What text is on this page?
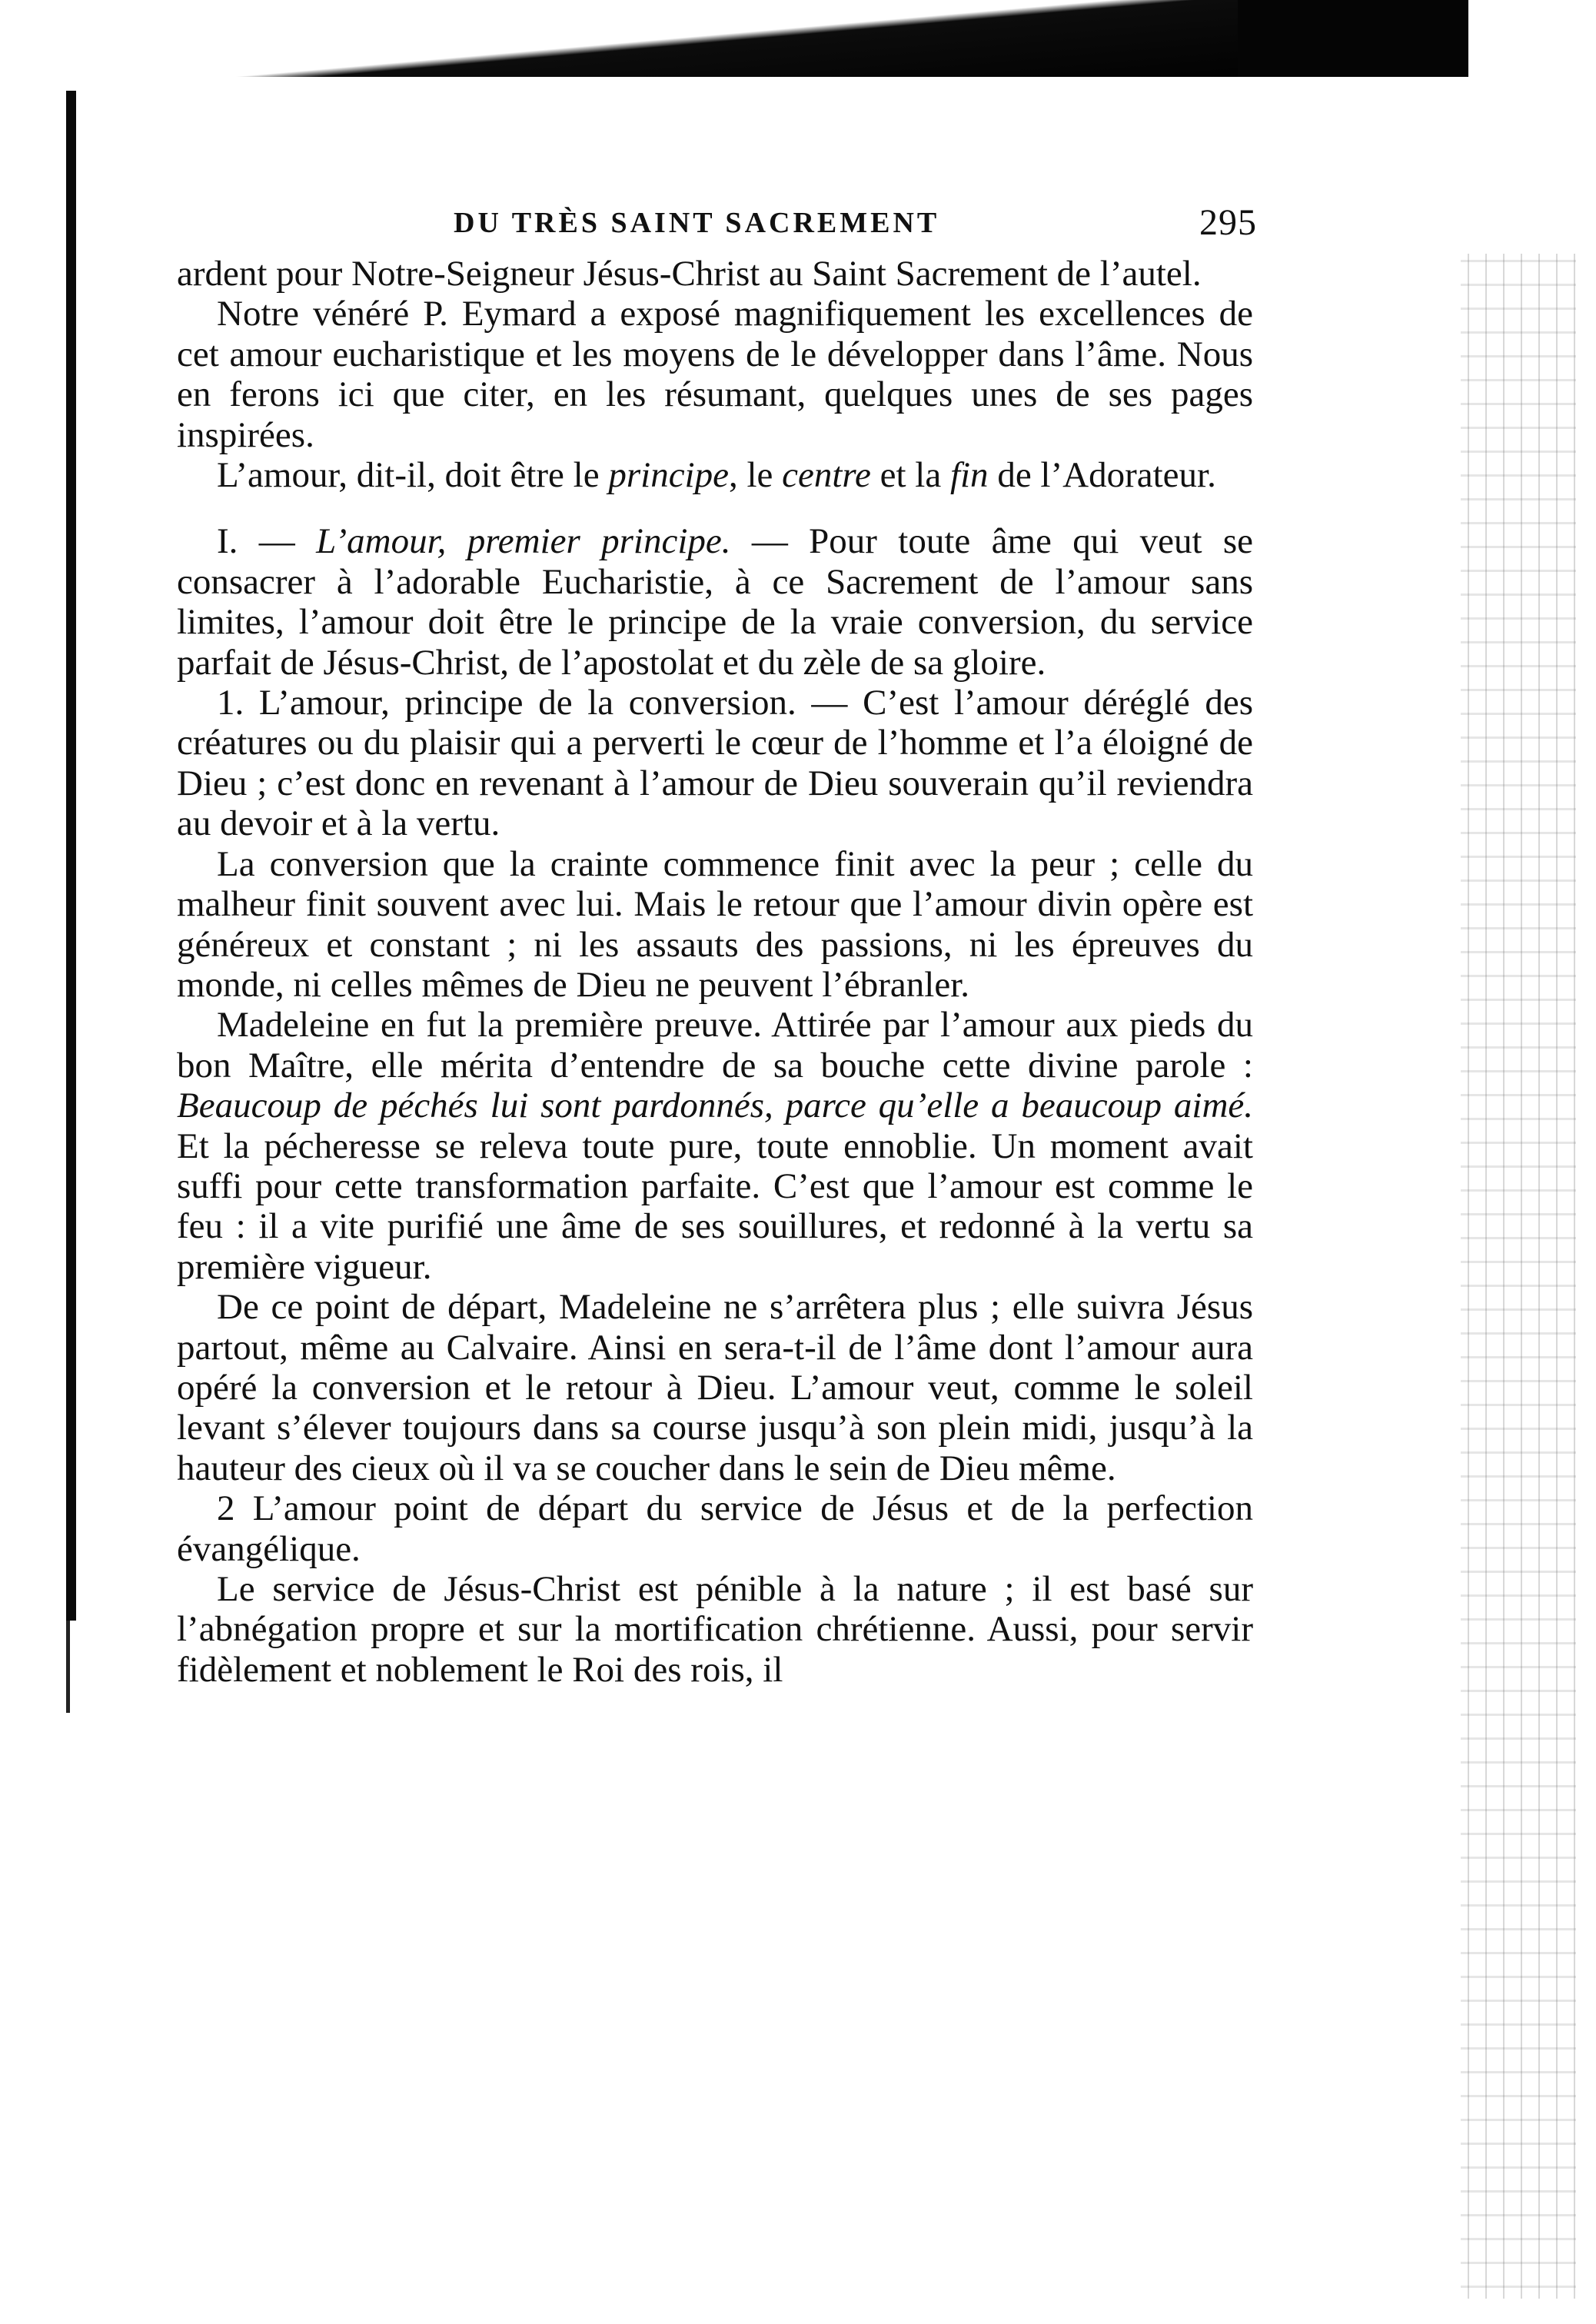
DU TRÈS SAINT SACREMENT	295

ardent pour Notre-Seigneur Jésus-Christ au Saint Sacrement de l’autel.

Notre vénéré P. Eymard a exposé magnifiquement les excellences de cet amour eucharistique et les moyens de le développer dans l’âme. Nous en ferons ici que citer, en les résumant, quelques unes de ses pages inspirées.

L’amour, dit-il, doit être le principe, le centre et la fin de l’Adorateur.

I. — L’amour, premier principe. — Pour toute âme qui veut se consacrer à l’adorable Eucharistie, à ce Sacrement de l’amour sans limites, l’amour doit être le principe de la vraie conversion, du service parfait de Jésus-Christ, de l’apostolat et du zèle de sa gloire.

1. L’amour, principe de la conversion. — C’est l’amour déréglé des créatures ou du plaisir qui a perverti le cœur de l’homme et l’a éloigné de Dieu ; c’est donc en revenant à l’amour de Dieu souverain qu’il reviendra au devoir et à la vertu.

La conversion que la crainte commence finit avec la peur ; celle du malheur finit souvent avec lui. Mais le retour que l’amour divin opère est généreux et constant ; ni les assauts des passions, ni les épreuves du monde, ni celles mêmes de Dieu ne peuvent l’ébranler.

Madeleine en fut la première preuve. Attirée par l’amour aux pieds du bon Maître, elle mérita d’entendre de sa bouche cette divine parole : Beaucoup de péchés lui sont pardonnés, parce qu’elle a beaucoup aimé. Et la pécheresse se releva toute pure, toute ennoblie. Un moment avait suffi pour cette transformation parfaite. C’est que l’amour est comme le feu : il a vite purifié une âme de ses souillures, et redonné à la vertu sa première vigueur.

De ce point de départ, Madeleine ne s’arrêtera plus ; elle suivra Jésus partout, même au Calvaire. Ainsi en sera-t-il de l’âme dont l’amour aura opéré la conversion et le retour à Dieu. L’amour veut, comme le soleil levant s’élever toujours dans sa course jusqu’à son plein midi, jusqu’à la hauteur des cieux où il va se coucher dans le sein de Dieu même.

2 L’amour point de départ du service de Jésus et de la perfection évangélique.

Le service de Jésus-Christ est pénible à la nature ; il est basé sur l’abnégation propre et sur la mortification chrétienne. Aussi, pour servir fidèlement et noblement le Roi des rois, il
